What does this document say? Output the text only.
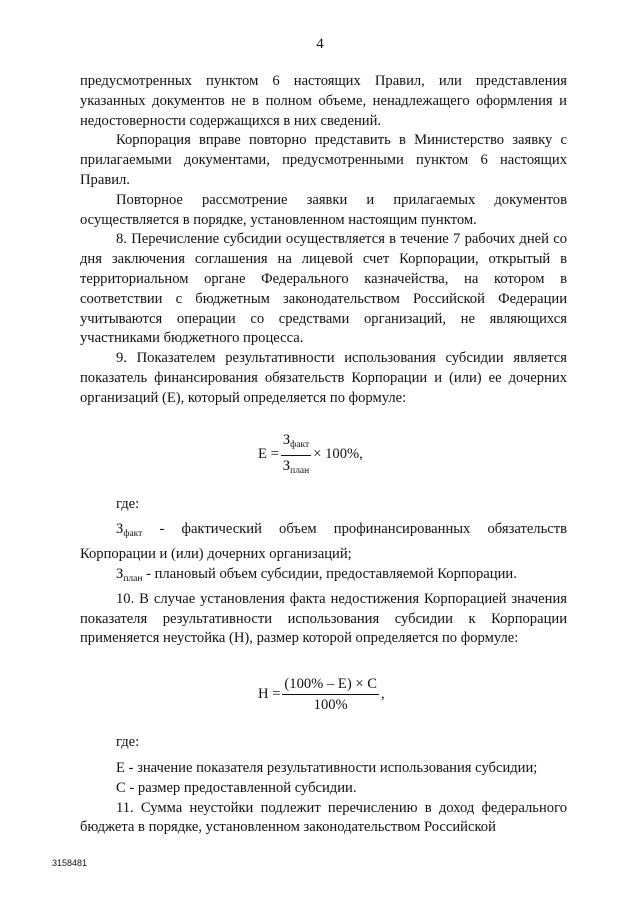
4

предусмотренных пунктом 6 настоящих Правил, или представления указанных документов не в полном объеме, ненадлежащего оформления и недостоверности содержащихся в них сведений.

Корпорация вправе повторно представить в Министерство заявку с прилагаемыми документами, предусмотренными пунктом 6 настоящих Правил.

Повторное рассмотрение заявки и прилагаемых документов осуществляется в порядке, установленном настоящим пунктом.

8. Перечисление субсидии осуществляется в течение 7 рабочих дней со дня заключения соглашения на лицевой счет Корпорации, открытый в территориальном органе Федерального казначейства, на котором в соответствии с бюджетным законодательством Российской Федерации учитываются операции со средствами организаций, не являющихся участниками бюджетного процесса.

9. Показателем результативности использования субсидии является показатель финансирования обязательств Корпорации и (или) ее дочерних организаций (Е), который определяется по формуле:

$Е = \frac{З_{факт}}{З_{план}} \times 100\%$,

где:

$З_{факт}$ - фактический объем профинансированных обязательств Корпорации и (или) дочерних организаций;

$З_{план}$ - плановый объем субсидии, предоставляемой Корпорации.

10. В случае установления факта недостижения Корпорацией значения показателя результативности использования субсидии к Корпорации применяется неустойка (Н), размер которой определяется по формуле:

$Н = \frac{(100\% - Е) \times С}{100\%}$ ,

где:

Е - значение показателя результативности использования субсидии;

С - размер предоставленной субсидии.

11. Сумма неустойки подлежит перечислению в доход федерального бюджета в порядке, установленном законодательством Российской

3158481
